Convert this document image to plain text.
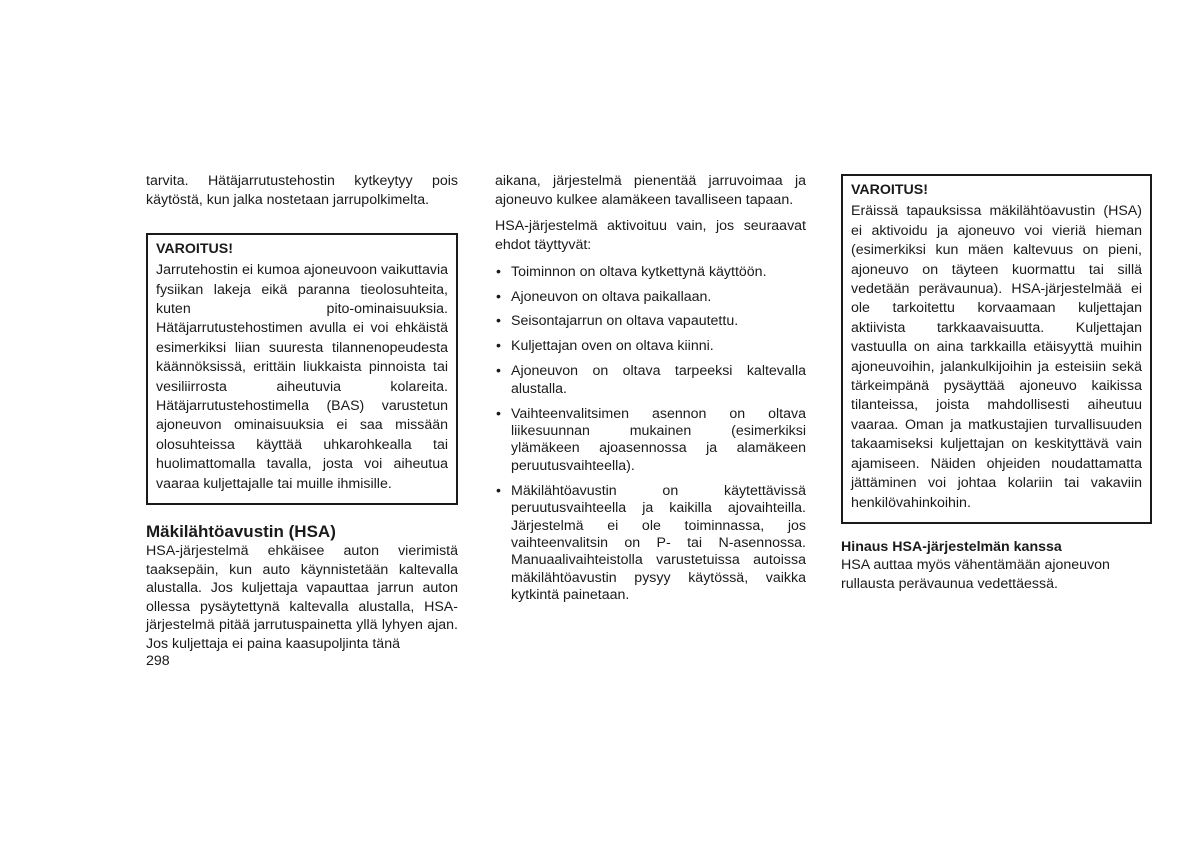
tarvita. Hätäjarrutustehostin kytkeytyy pois käytöstä, kun jalka nostetaan jarrupolkimelta.

VAROITUS!
Jarrutehostin ei kumoa ajoneuvoon vaikuttavia fysiikan lakeja eikä paranna tieolosuhteita, kuten pito-ominaisuuksia. Hätäjarrutustehostimen avulla ei voi ehkäistä esimerkiksi liian suuresta tilannenopeudesta käännöksissä, erittäin liukkaista pinnoista tai vesiliirrosta aiheutuvia kolareita. Hätäjarrutustehostimella (BAS) varustetun ajoneuvon ominaisuuksia ei saa missään olosuhteissa käyttää uhkarohkealla tai huolimattomalla tavalla, josta voi aiheutua vaaraa kuljettajalle tai muille ihmisille.
Mäkilähtöavustin (HSA)

HSA-järjestelmä ehkäisee auton vierimistä taaksepäin, kun auto käynnistetään kaltevalla alustalla. Jos kuljettaja vapauttaa jarrun auton ollessa pysäytettynä kaltevalla alustalla, HSA-järjestelmä pitää jarrutuspainetta yllä lyhyen ajan. Jos kuljettaja ei paina kaasupoljinta tänä

aikana, järjestelmä pienentää jarruvoimaa ja ajoneuvo kulkee alamäkeen tavalliseen tapaan.

HSA-järjestelmä aktivoituu vain, jos seuraavat ehdot täyttyvät:

• Toiminnon on oltava kytkettynä käyttöön.
• Ajoneuvon on oltava paikallaan.
• Seisontajarrun on oltava vapautettu.
• Kuljettajan oven on oltava kiinni.
• Ajoneuvon on oltava tarpeeksi kaltevalla alustalla.
• Vaihteenvalitsimen asennon on oltava liikesuunnan mukainen (esimerkiksi ylämäkeen ajoasennossa ja alamäkeen peruutusvaihteella).
• Mäkilähtöavustin on käytettävissä peruutusvaihteella ja kaikilla ajovaihteilla. Järjestelmä ei ole toiminnassa, jos vaihteenvalitsin on P- tai N-asennossa. Manuaalivaihteistolla varustetuissa autoissa mäkilähtöavustin pysyy käytössä, vaikka kytkintä painetaan.
VAROITUS!
Eräissä tapauksissa mäkilähtöavustin (HSA) ei aktivoidu ja ajoneuvo voi vieriä hieman (esimerkiksi kun mäen kaltevuus on pieni, ajoneuvo on täyteen kuormattu tai sillä vedetään perävaunua). HSA-järjestelmää ei ole tarkoitettu korvaamaan kuljettajan aktiivista tarkkaavaisuutta. Kuljettajan vastuulla on aina tarkkailla etäisyyttä muihin ajoneuvoihin, jalankulkijoihin ja esteisiin sekä tärkeimpänä pysäyttää ajoneuvo kaikissa tilanteissa, joista mahdollisesti aiheutuu vaaraa. Oman ja matkustajien turvallisuuden takaamiseksi kuljettajan on keskityttävä vain ajamiseen. Näiden ohjeiden noudattamatta jättäminen voi johtaa kolariin tai vakaviin henkilövahinkoihin.
Hinaus HSA-järjestelmän kanssa

HSA auttaa myös vähentämään ajoneuvon rullausta perävaunua vedettäessä.

298
